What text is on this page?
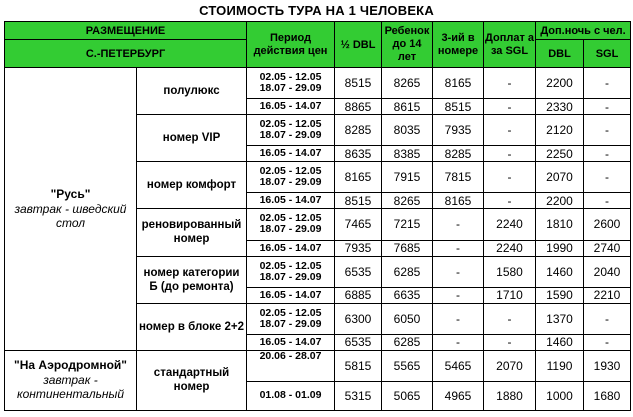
СТОИМОСТЬ ТУРА НА 1 ЧЕЛОВЕКА
РАЗМЕЩЕНИЕ		Период действия цен	½ DBL	Ребенок до 14 лет	3-ий в номере	Доплат а за SGL	Доп.ночь с чел.	
С.-ПЕТЕРБУРГ							DBL	SGL

"Русь"
завтрак - шведский стол	полулюкс	02.05 - 12.05
18.07 - 29.09	8515	8265	8165	-	2200	-
		16.05 - 14.07	8865	8615	8515	-	2330	-
	номер VIP	02.05 - 12.05
18.07 - 29.09	8285	8035	7935	-	2120	-
		16.05 - 14.07	8635	8385	8285	-	2250	-
	номер комфорт	02.05 - 12.05
18.07 - 29.09	8165	7915	7815	-	2070	-
		16.05 - 14.07	8515	8265	8165	-	2200	-
	реновированный номер	02.05 - 12.05
18.07 - 29.09	7465	7215	-	2240	1810	2600
		16.05 - 14.07	7935	7685	-	2240	1990	2740
	номер категории Б (до ремонта)	02.05 - 12.05
18.07 - 29.09	6535	6285	-	1580	1460	2040
		16.05 - 14.07	6885	6635	-	1710	1590	2210
	номер в блоке 2+2	02.05 - 12.05
18.07 - 29.09	6300	6050	-	-	1370	-
		16.05 - 14.07	6535	6285	-	-	1460	-

"На Аэродромной"
завтрак - континентальный	стандартный номер	20.06 - 28.07	5815	5565	5465	2070	1190	1930
		01.08 - 01.09	5315	5065	4965	1880	1000	1680
